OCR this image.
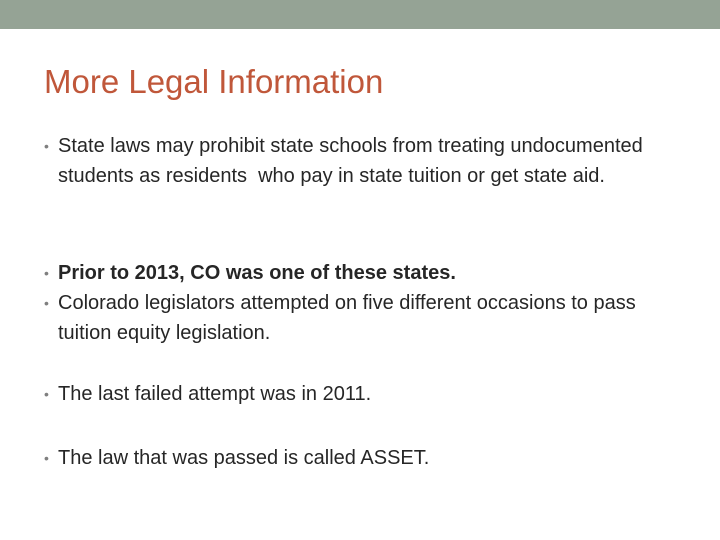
More Legal Information
• State laws may prohibit state schools from treating undocumented students as residents  who pay in state tuition or get state aid.
• Prior to 2013, CO was one of these states.
• Colorado legislators attempted on five different occasions to pass tuition equity legislation.
• The last failed attempt was in 2011.
• The law that was passed is called ASSET.
